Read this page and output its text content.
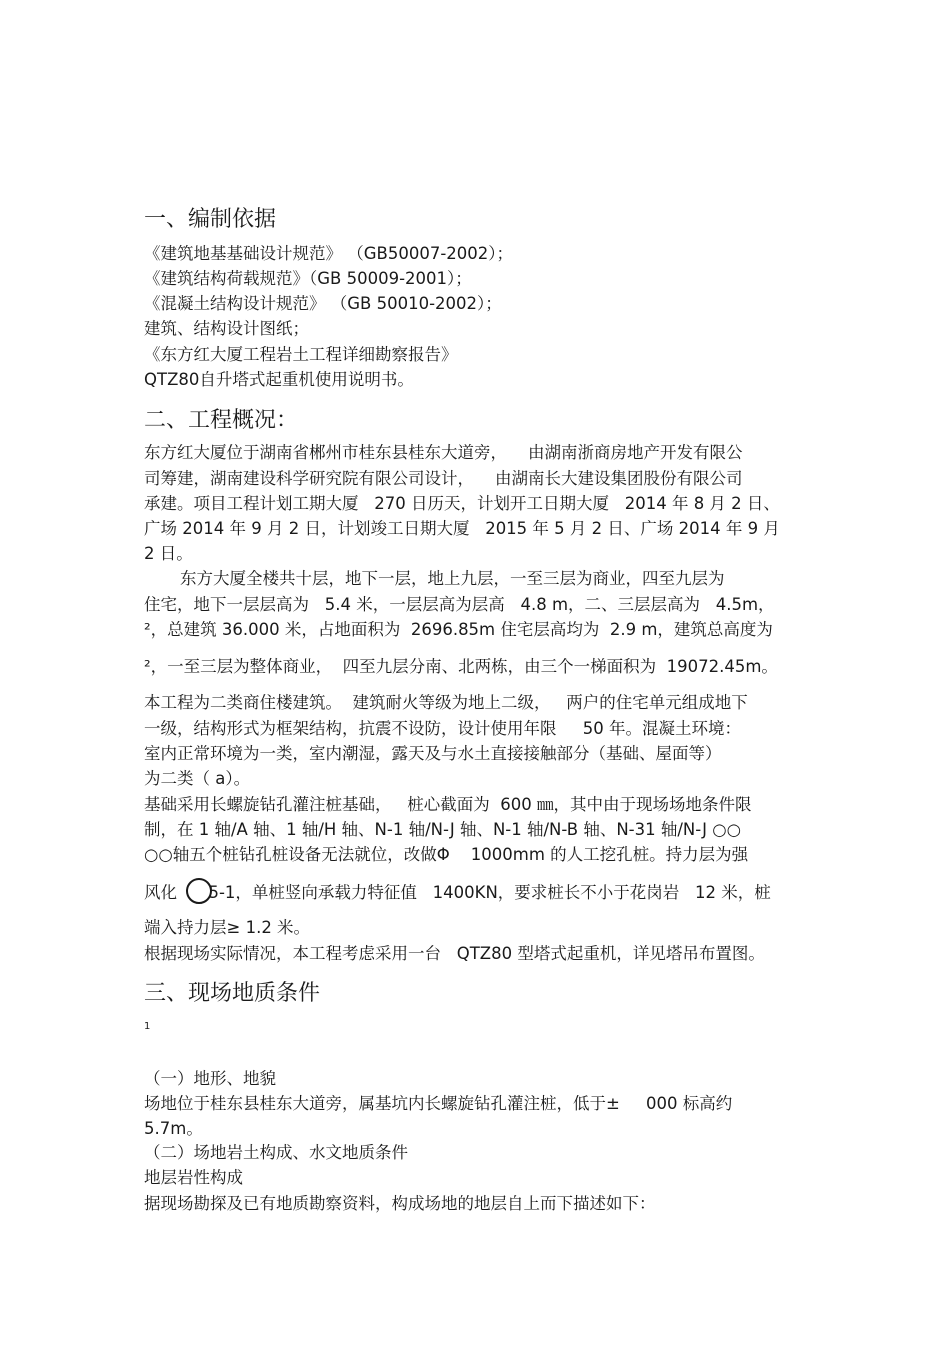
一、编制依据
《建筑地基基础设计规范》 （GB50007-2002）；
《建筑结构荷载规范》（GB 50009-2001）；
《混凝土结构设计规范》 （GB 50010-2002）；
建筑、结构设计图纸；
《东方红大厦工程岩土工程详细勘察报告》
QTZ80自升塔式起重机使用说明书。
二、工程概况：
东方红大厦位于湖南省郴州市桂东县桂东大道旁，    由湖南浙商房地产开发有限公
司筹建，湖南建设科学研究院有限公司设计，    由湖南长大建设集团股份有限公司
承建。项目工程计划工期大厦   270 日历天，计划开工日期大厦   2014 年 8 月 2 日、
广场 2014 年 9 月 2 日，计划竣工日期大厦   2015 年 5 月 2 日、广场 2014 年 9 月
2 日。
东方大厦全楼共十层，地下一层，地上九层，一至三层为商业，四至九层为
住宅，地下一层层高为   5.4 米，一层层高为层高   4.8 m，二、三层层高为   4.5m，
²，总建筑 36.000 米，占地面积为  2696.85m 住宅层高均为  2.9 m，建筑总高度为
²，一至三层为整体商业，  四至九层分南、北两栋，由三个一梯面积为  19072.45m。
本工程为二类商住楼建筑。  建筑耐火等级为地上二级，   两户的住宅单元组成地下
一级，结构形式为框架结构，抗震不设防，设计使用年限     50 年。混凝土环境：
室内正常环境为一类，室内潮湿，露天及与水土直接接触部分（基础、屋面等）
为二类（ a）。
基础采用长螺旋钻孔灌注桩基础，   桩心截面为  600 ㎜，其中由于现场场地条件限
制，在 1 轴/A 轴、1 轴/H 轴、N-1 轴/N-J 轴、N-1 轴/N-B 轴、N-31 轴/N-J ○○
○○轴五个桩钻孔桩设备无法就位，改做Φ    1000mm 的人工挖孔桩。持力层为强
风化      5-1，单桩竖向承载力特征值   1400KN，要求桩长不小于花岗岩   12 米，桩
端入持力层≥ 1.2 米。
根据现场实际情况，本工程考虑采用一台   QTZ80 型塔式起重机，详见塔吊布置图。
三、现场地质条件
1
（一）地形、地貌
场地位于桂东县桂东大道旁，属基坑内长螺旋钻孔灌注桩，低于±     000 标高约
5.7m。
（二）场地岩土构成、水文地质条件
地层岩性构成
据现场勘探及已有地质勘察资料，构成场地的地层自上而下描述如下：
